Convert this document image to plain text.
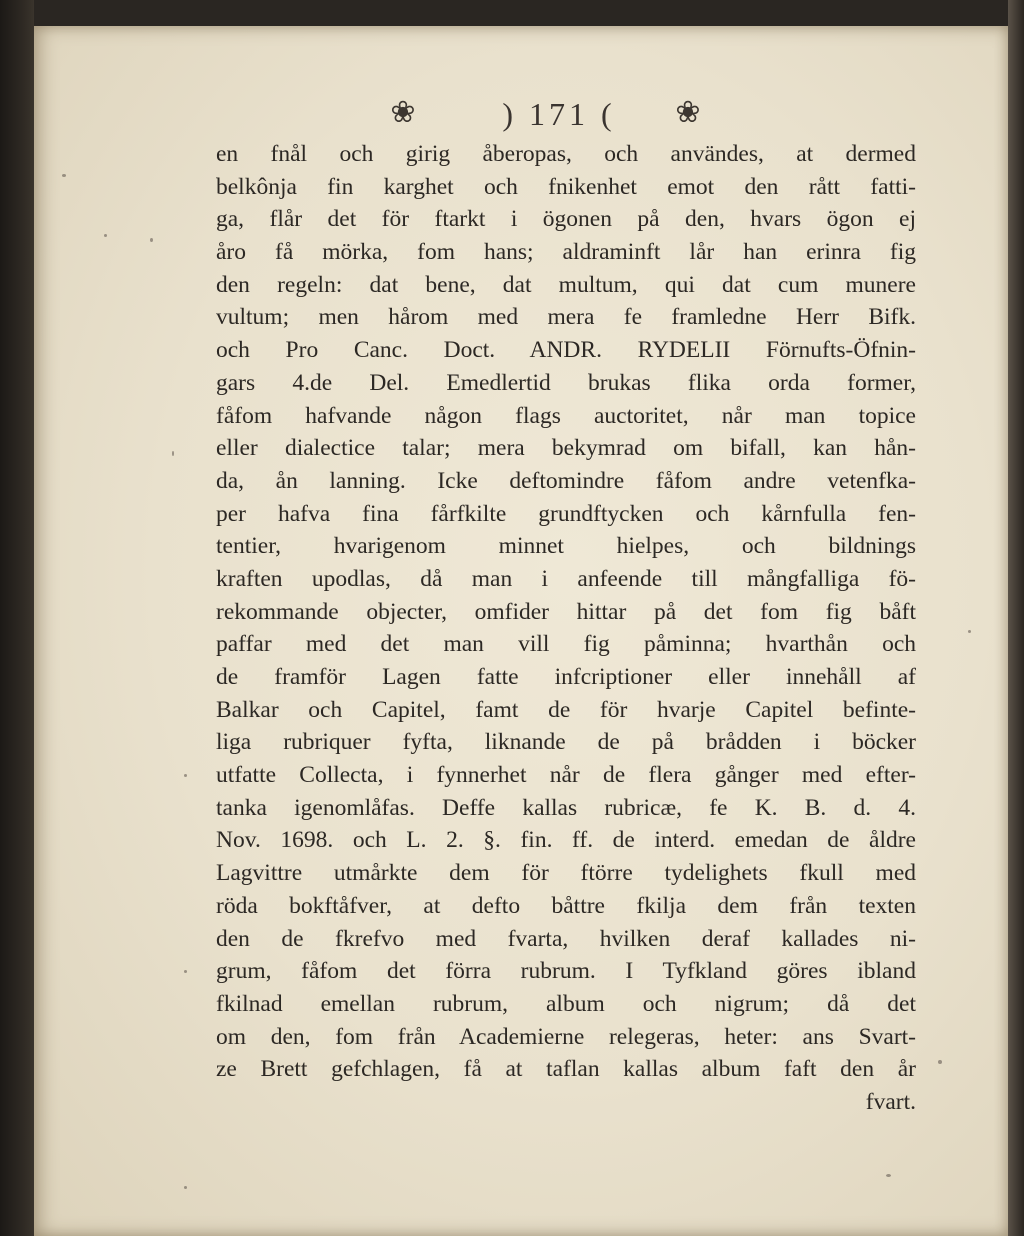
❀	) 171 (	❀
en fnål och girig åberopas, och användes, at dermed
belkônja fin karghet och fnikenhet emot den rått fatti-
ga, flår det för ftarkt i ögonen på den, hvars ögon ej
åro få mörka, fom hans; aldraminft lår han erinra fig
den regeln: dat bene, dat multum, qui dat cum munere
vultum; men hårom med mera fe framledne Herr Bifk.
och Pro Canc. Doct. ANDR. RYDELII Förnufts-Öfnin-
gars 4.de Del. Emedlertid brukas flika orda former,
fåfom hafvande någon flags auctoritet, når man topice
eller dialectice talar; mera bekymrad om bifall, kan hån-
da, ån lanning. Icke deftomindre fåfom andre vetenfka-
per hafva fina fårfkilte grundftycken och kårnfulla fen-
tentier, hvarigenom minnet hielpes, och bildnings
kraften upodlas, då man i anfeende till mångfalliga fö-
rekommande objecter, omfider hittar på det fom fig båft
paffar med det man vill fig påminna; hvarthån och
de framför Lagen fatte infcriptioner eller innehåll af
Balkar och Capitel, famt de för hvarje Capitel befinte-
liga rubriquer fyfta, liknande de på brådden i böcker
utfatte Collecta, i fynnerhet når de flera gånger med efter-
tanka igenomlåfas. Deffe kallas rubricæ, fe K. B. d. 4.
Nov. 1698. och L. 2. §. fin. ff. de interd. emedan de åldre
Lagvittre utmårkte dem för ftörre tydelighets fkull med
röda bokftåfver, at defto båttre fkilja dem från texten
den de fkrefvo med fvarta, hvilken deraf kallades ni-
grum, fåfom det förra rubrum. I Tyfkland göres ibland
fkilnad emellan rubrum, album och nigrum; då det
om den, fom från Academierne relegeras, heter: ans Svart-
ze Brett gefchlagen, få at taflan kallas album faft den år
fvart.
